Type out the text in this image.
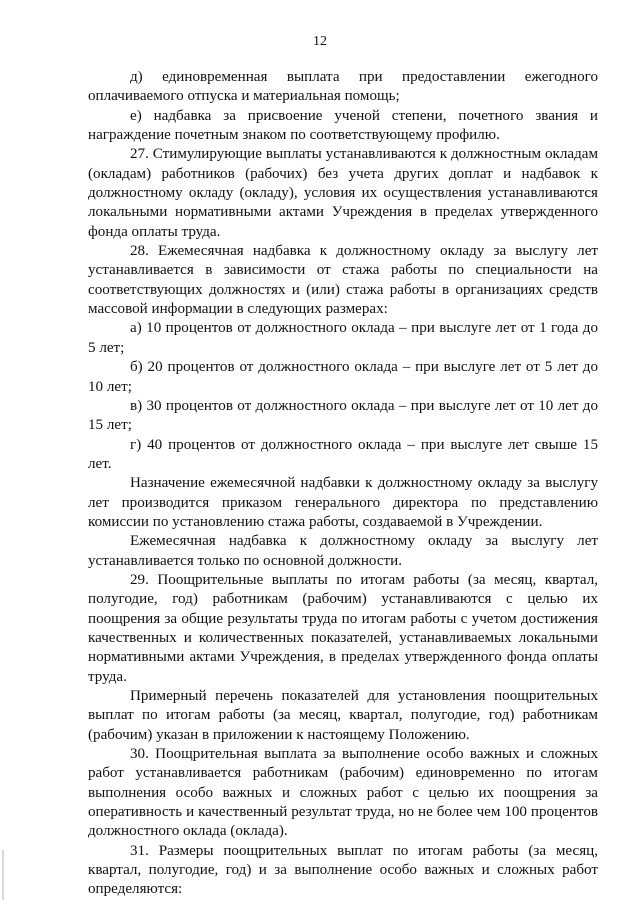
12

д) единовременная выплата при предоставлении ежегодного оплачиваемого отпуска и материальная помощь;

е) надбавка за присвоение ученой степени, почетного звания и награждение почетным знаком по соответствующему профилю.

27. Стимулирующие выплаты устанавливаются к должностным окладам (окладам) работников (рабочих) без учета других доплат и надбавок к должностному окладу (окладу), условия их осуществления устанавливаются локальными нормативными актами Учреждения в пределах утвержденного фонда оплаты труда.

28. Ежемесячная надбавка к должностному окладу за выслугу лет устанавливается в зависимости от стажа работы по специальности на соответствующих должностях и (или) стажа работы в организациях средств массовой информации в следующих размерах:

а) 10 процентов от должностного оклада – при выслуге лет от 1 года до 5 лет;

б) 20 процентов от должностного оклада – при выслуге лет от 5 лет до 10 лет;

в) 30 процентов от должностного оклада – при выслуге лет от 10 лет до 15 лет;

г) 40 процентов от должностного оклада – при выслуге лет свыше 15 лет.

Назначение ежемесячной надбавки к должностному окладу за выслугу лет производится приказом генерального директора по представлению комиссии по установлению стажа работы, создаваемой в Учреждении.

Ежемесячная надбавка к должностному окладу за выслугу лет устанавливается только по основной должности.

29. Поощрительные выплаты по итогам работы (за месяц, квартал, полугодие, год) работникам (рабочим) устанавливаются с целью их поощрения за общие результаты труда по итогам работы с учетом достижения качественных и количественных показателей, устанавливаемых локальными нормативными актами Учреждения, в пределах утвержденного фонда оплаты труда.

Примерный перечень показателей для установления поощрительных выплат по итогам работы (за месяц, квартал, полугодие, год) работникам (рабочим) указан в приложении к настоящему Положению.

30. Поощрительная выплата за выполнение особо важных и сложных работ устанавливается работникам (рабочим) единовременно по итогам выполнения особо важных и сложных работ с целью их поощрения за оперативность и качественный результат труда, но не более чем 100 процентов должностного оклада (оклада).

31. Размеры поощрительных выплат по итогам работы (за месяц, квартал, полугодие, год) и за выполнение особо важных и сложных работ определяются:
